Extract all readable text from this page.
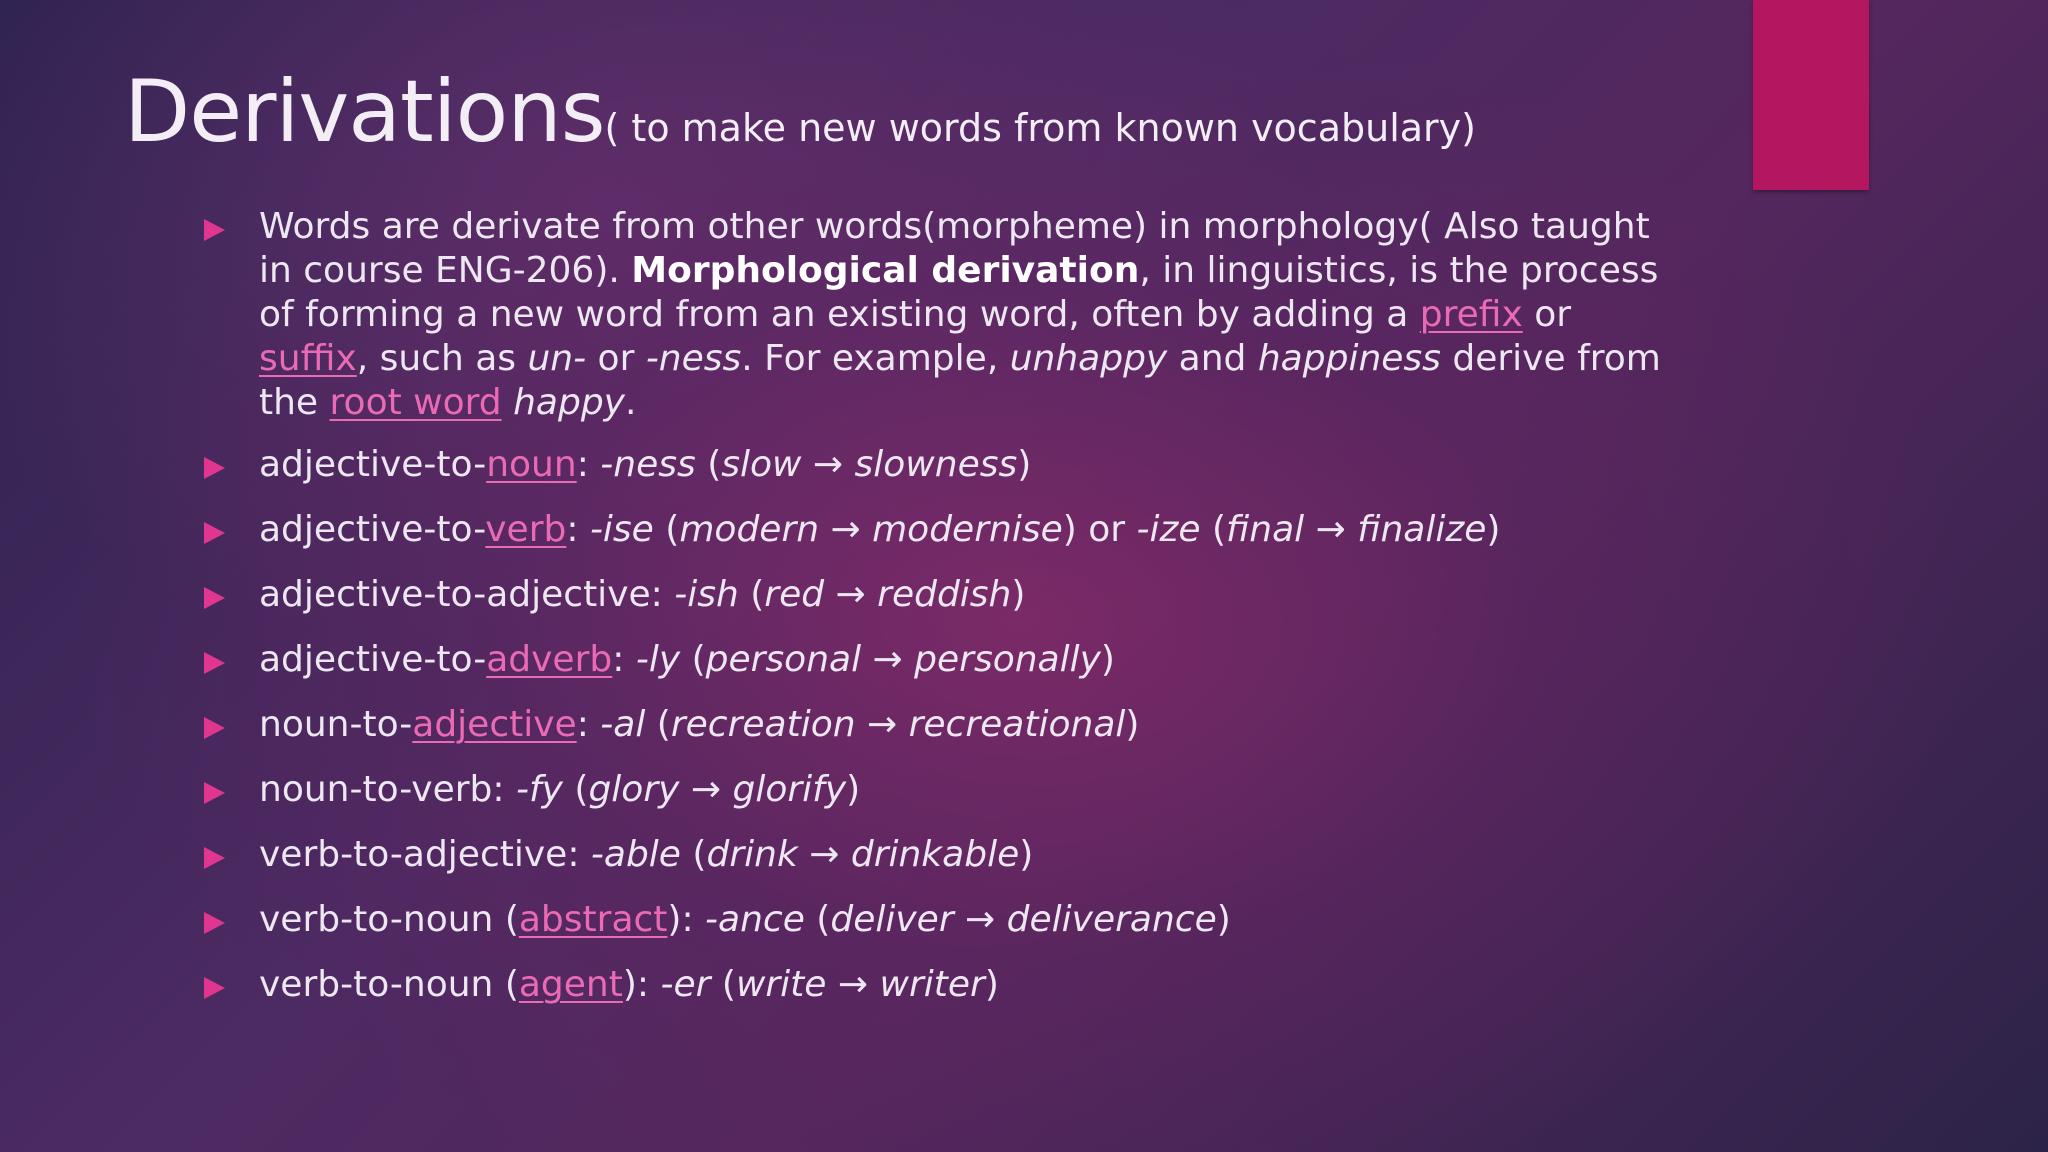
Derivations( to make new words from known vocabulary)
Words are derivate from other words(morpheme) in morphology( Also taught in course ENG-206). Morphological derivation, in linguistics, is the process of forming a new word from an existing word, often by adding a prefix or suffix, such as un- or -ness. For example, unhappy and happiness derive from the root word happy.
adjective-to-noun: -ness (slow → slowness)
adjective-to-verb: -ise (modern → modernise) or -ize (final → finalize)
adjective-to-adjective: -ish (red → reddish)
adjective-to-adverb: -ly (personal → personally)
noun-to-adjective: -al (recreation → recreational)
noun-to-verb: -fy (glory → glorify)
verb-to-adjective: -able (drink → drinkable)
verb-to-noun (abstract): -ance (deliver → deliverance)
verb-to-noun (agent): -er (write → writer)
